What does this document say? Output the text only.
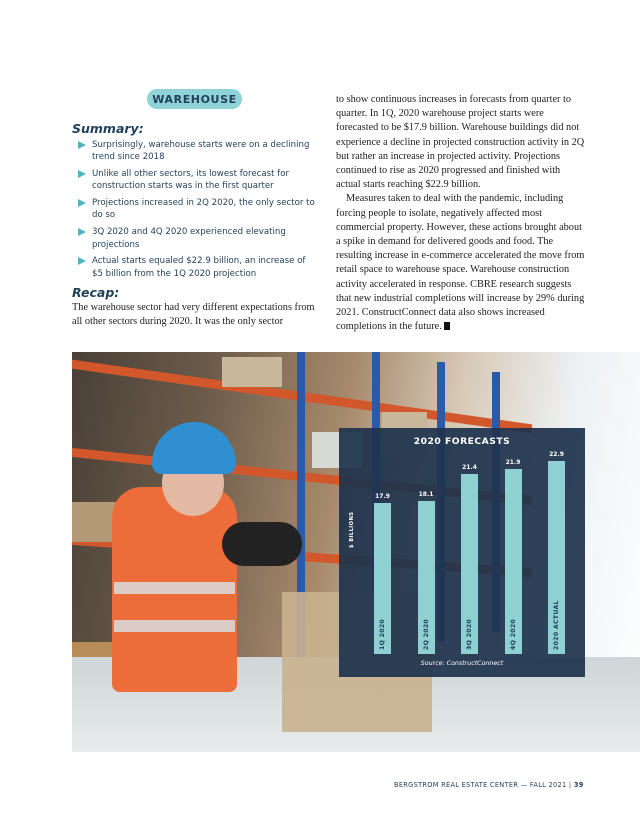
WAREHOUSE
Summary:
Surprisingly, warehouse starts were on a declining trend since 2018
Unlike all other sectors, its lowest forecast for construction starts was in the first quarter
Projections increased in 2Q 2020, the only sector to do so
3Q 2020 and 4Q 2020 experienced elevating projections
Actual starts equaled $22.9 billion, an increase of $5 billion from the 1Q 2020 projection
Recap:

The warehouse sector had very different expectations from all other sectors during 2020. It was the only sector

to show continuous increases in forecasts from quarter to quarter. In 1Q, 2020 warehouse project starts were forecasted to be $17.9 billion. Warehouse buildings did not experience a decline in projected construction activity in 2Q but rather an increase in projected activity. Projections continued to rise as 2020 progressed and finished with actual starts reaching $22.9 billion.

Measures taken to deal with the pandemic, including forcing people to isolate, negatively affected most commercial property. However, these actions brought about a spike in demand for delivered goods and food. The resulting increase in e-commerce accelerated the move from retail space to warehouse space. Warehouse construction activity accelerated in response. CBRE research suggests that new industrial completions will increase by 29% during 2021. ConstructConnect data also shows increased completions in the future.

2020 FORECASTS
$ BILLIONS
17.9
1Q 2020
18.1
2Q 2020
21.4
3Q 2020
21.9
4Q 2020
22.9
2020 ACTUAL
Source: ConstructConnect
BERGSTROM REAL ESTATE CENTER — FALL 2021 | 39
